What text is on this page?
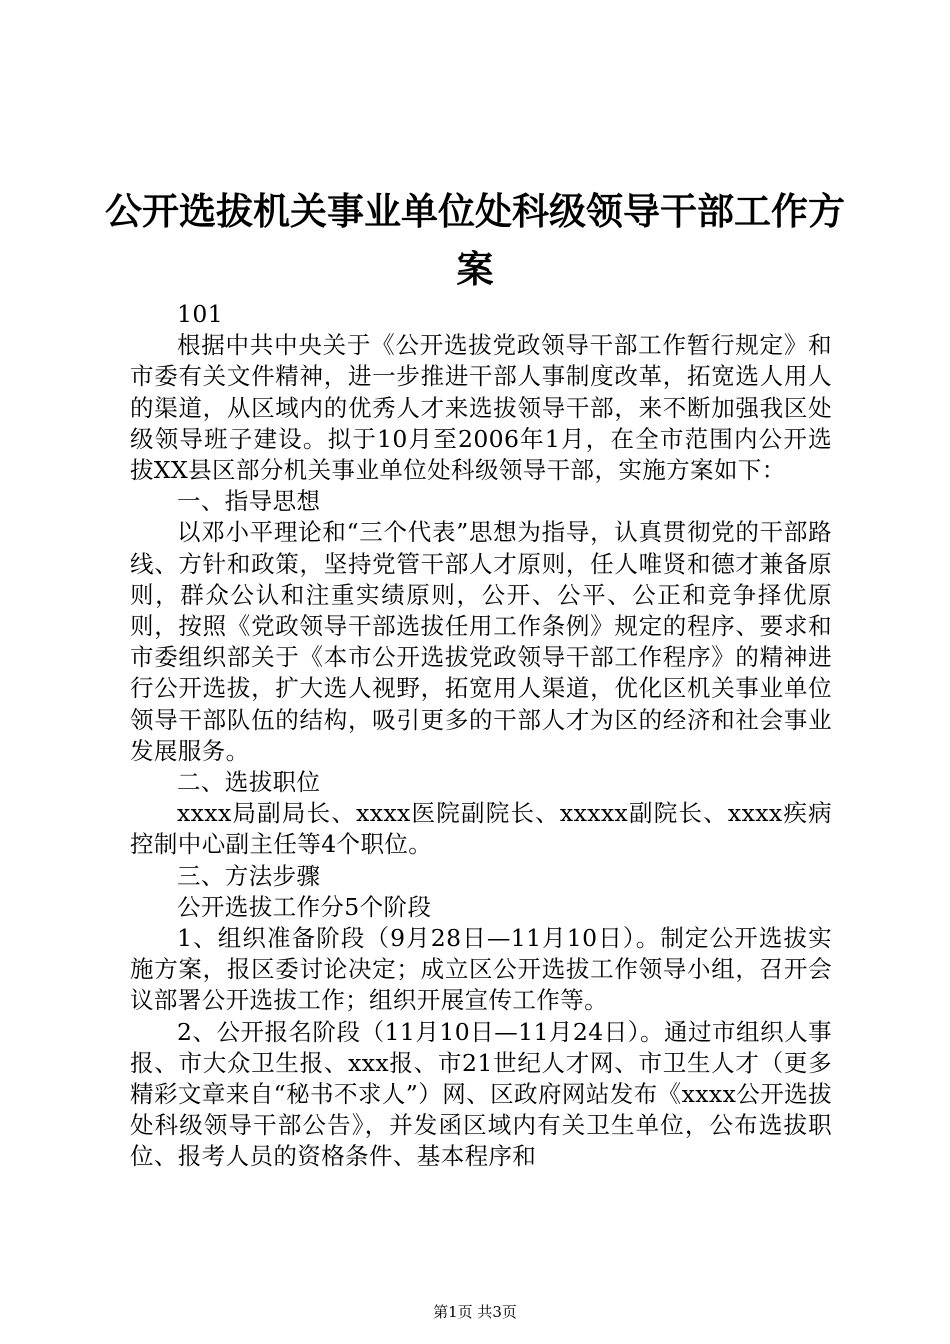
公开选拔机关事业单位处科级领导干部工作方案

101

根据中共中央关于《公开选拔党政领导干部工作暂行规定》和市委有关文件精神，进一步推进干部人事制度改革，拓宽选人用人的渠道，从区域内的优秀人才来选拔领导干部，来不断加强我区处级领导班子建设。拟于10月至2006年1月，在全市范围内公开选拔XX县区部分机关事业单位处科级领导干部，实施方案如下：

一、指导思想

以邓小平理论和“三个代表”思想为指导，认真贯彻党的干部路线、方针和政策，坚持党管干部人才原则，任人唯贤和德才兼备原则，群众公认和注重实绩原则，公开、公平、公正和竞争择优原则，按照《党政领导干部选拔任用工作条例》规定的程序、要求和市委组织部关于《本市公开选拔党政领导干部工作程序》的精神进行公开选拔，扩大选人视野，拓宽用人渠道，优化区机关事业单位领导干部队伍的结构，吸引更多的干部人才为区的经济和社会事业发展服务。

二、选拔职位

xxxx局副局长、xxxx医院副院长、xxxxx副院长、xxxx疾病控制中心副主任等4个职位。

三、方法步骤

公开选拔工作分5个阶段

1、组织准备阶段（9月28日—11月10日）。制定公开选拔实施方案，报区委讨论决定；成立区公开选拔工作领导小组，召开会议部署公开选拔工作；组织开展宣传工作等。

2、公开报名阶段（11月10日—11月24日）。通过市组织人事报、市大众卫生报、xxx报、市21世纪人才网、市卫生人才（更多精彩文章来自“秘书不求人”）网、区政府网站发布《xxxx公开选拔处科级领导干部公告》，并发函区域内有关卫生单位，公布选拔职位、报考人员的资格条件、基本程序和

第1页 共3页
